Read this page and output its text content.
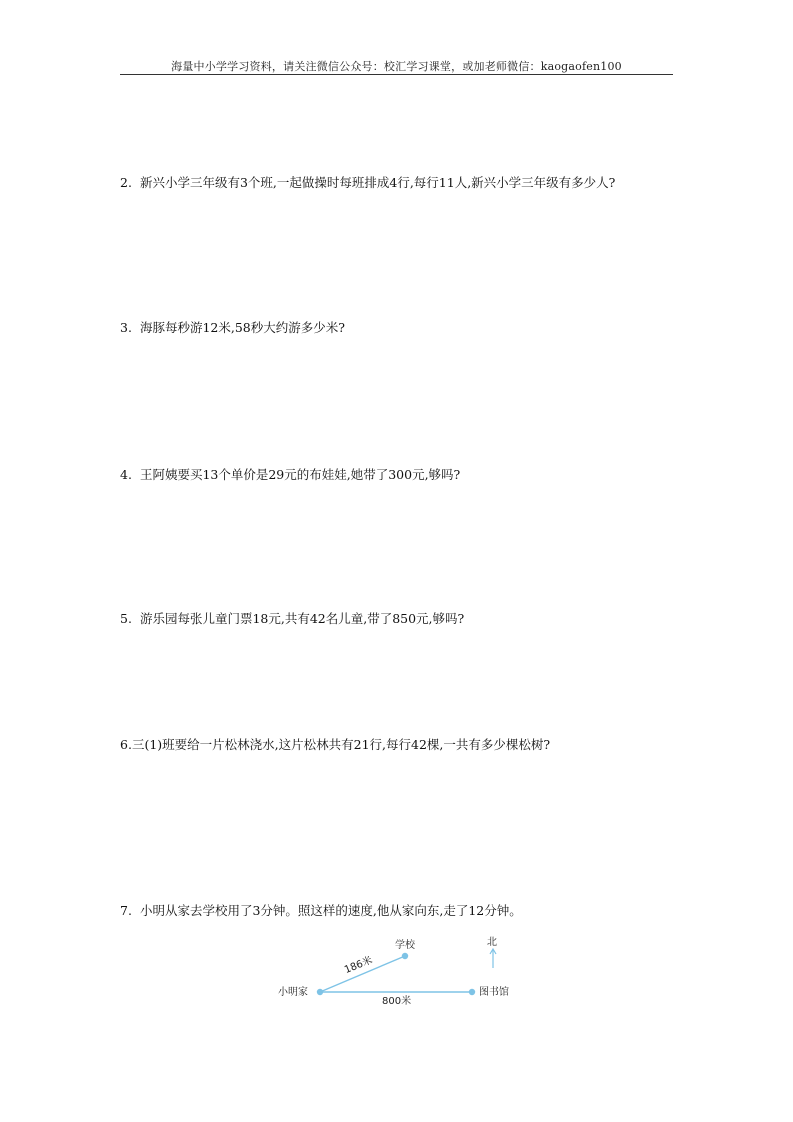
海量中小学学习资料，请关注微信公众号：校汇学习课堂，或加老师微信：kaogaofen100
2. 新兴小学三年级有3个班,一起做操时每班排成4行,每行11人,新兴小学三年级有多少人?
3. 海豚每秒游12米,58秒大约游多少米?
4. 王阿姨要买13个单价是29元的布娃娃,她带了300元,够吗?
5. 游乐园每张儿童门票18元,共有42名儿童,带了850元,够吗?
6.三(1)班要给一片松林浇水,这片松林共有21行,每行42棵,一共有多少棵松树?
7. 小明从家去学校用了3分钟。照这样的速度,他从家向东,走了12分钟。
小明家
学校
图书馆
北
186米
800米
